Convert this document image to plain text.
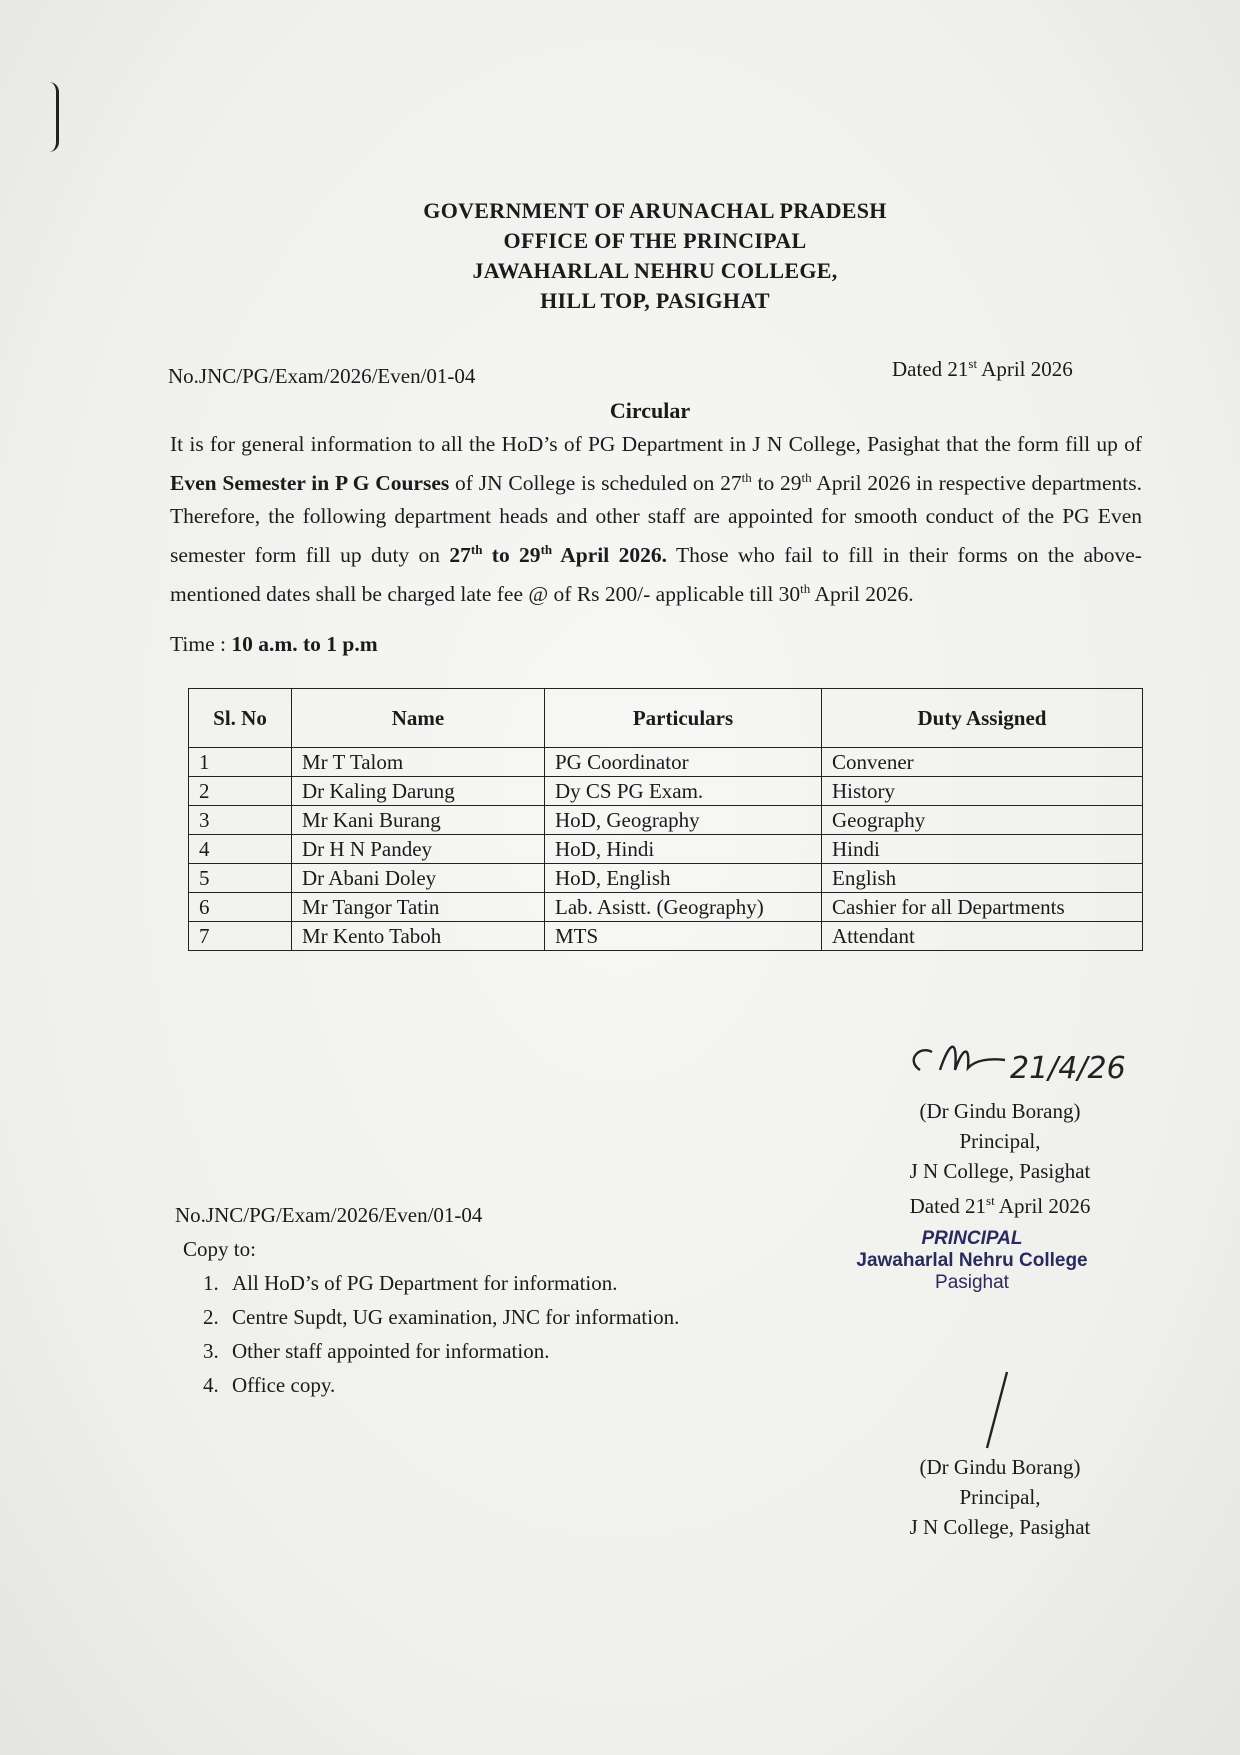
GOVERNMENT OF ARUNACHAL PRADESH
OFFICE OF THE PRINCIPAL
JAWAHARLAL NEHRU COLLEGE,
HILL TOP, PASIGHAT
No.JNC/PG/Exam/2026/Even/01-04	Dated 21st April 2026
Circular
It is for general information to all the HoD’s of PG Department in J N College, Pasighat that the form fill up of Even Semester in P G Courses of JN College is scheduled on 27th to 29th April 2026 in respective departments. Therefore, the following department heads and other staff are appointed for smooth conduct of the PG Even semester form fill up duty on 27th to 29th April 2026. Those who fail to fill in their forms on the above-mentioned dates shall be charged late fee @ of Rs 200/- applicable till 30th April 2026.
Time : 10 a.m. to 1 p.m
Sl. No	Name	Particulars	Duty Assigned
1	Mr T Talom	PG Coordinator	Convener
2	Dr Kaling Darung	Dy CS PG Exam.	History
3	Mr Kani Burang	HoD, Geography	Geography
4	Dr H N Pandey	HoD, Hindi	Hindi
5	Dr Abani Doley	HoD, English	English
6	Mr Tangor Tatin	Lab. Asistt. (Geography)	Cashier for all Departments
7	Mr Kento Taboh	MTS	Attendant
21/4/26
(Dr Gindu Borang)
Principal,
J N College, Pasighat
Dated 21st April 2026
PRINCIPAL
Jawaharlal Nehru College
Pasighat
No.JNC/PG/Exam/2026/Even/01-04
Copy to:
1. All HoD’s of PG Department for information.
2. Centre Supdt, UG examination, JNC for information.
3. Other staff appointed for information.
4. Office copy.
(Dr Gindu Borang)
Principal,
J N College, Pasighat
